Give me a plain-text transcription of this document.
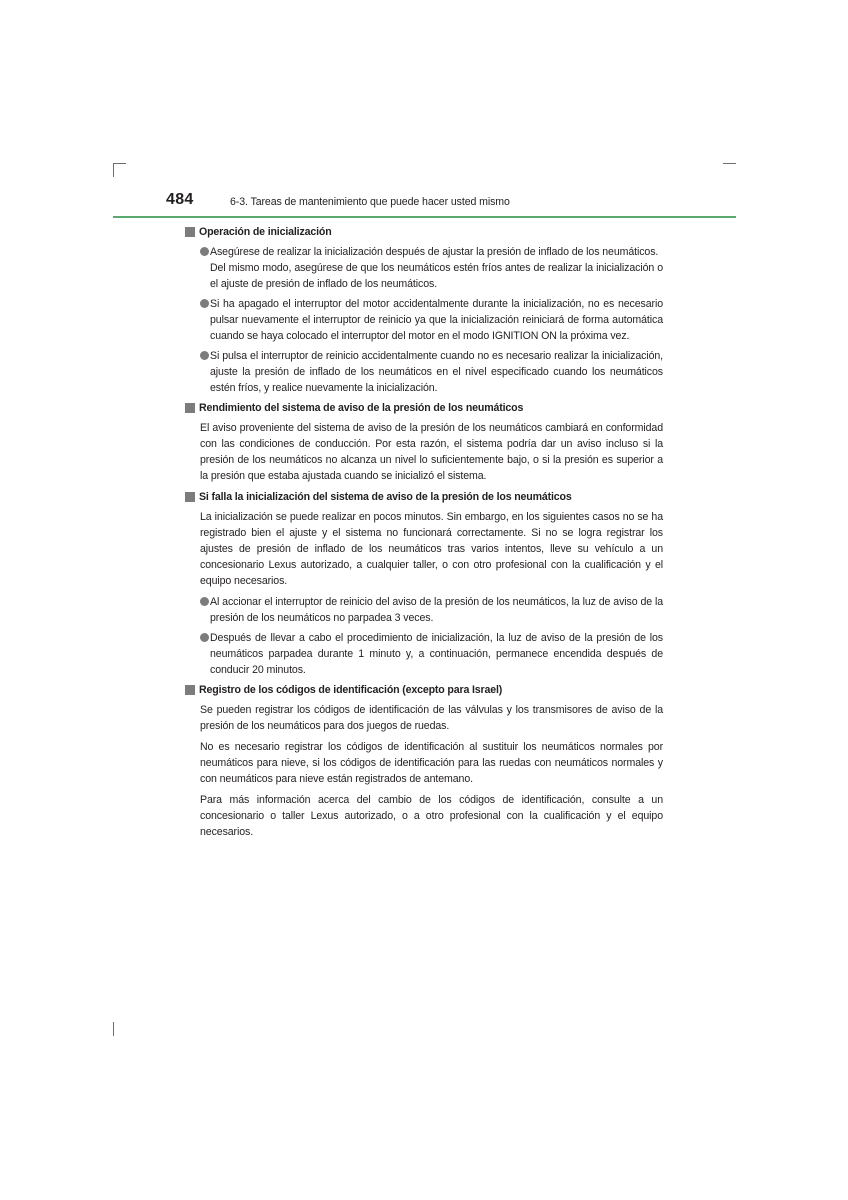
484	6-3. Tareas de mantenimiento que puede hacer usted mismo
Operación de inicialización

Asegúrese de realizar la inicialización después de ajustar la presión de inflado de los neumáticos.

Del mismo modo, asegúrese de que los neumáticos estén fríos antes de realizar la inicialización o el ajuste de presión de inflado de los neumáticos.

Si ha apagado el interruptor del motor accidentalmente durante la inicialización, no es necesario pulsar nuevamente el interruptor de reinicio ya que la inicialización reiniciará de forma automática cuando se haya colocado el interruptor del motor en el modo IGNITION ON la próxima vez.

Si pulsa el interruptor de reinicio accidentalmente cuando no es necesario realizar la inicialización, ajuste la presión de inflado de los neumáticos en el nivel especificado cuando los neumáticos estén fríos, y realice nuevamente la inicialización.

Rendimiento del sistema de aviso de la presión de los neumáticos

El aviso proveniente del sistema de aviso de la presión de los neumáticos cambiará en conformidad con las condiciones de conducción. Por esta razón, el sistema podría dar un aviso incluso si la presión de los neumáticos no alcanza un nivel lo suficientemente bajo, o si la presión es superior a la presión que estaba ajustada cuando se inicializó el sistema.

Si falla la inicialización del sistema de aviso de la presión de los neumáticos

La inicialización se puede realizar en pocos minutos. Sin embargo, en los siguientes casos no se ha registrado bien el ajuste y el sistema no funcionará correctamente. Si no se logra registrar los ajustes de presión de inflado de los neumáticos tras varios intentos, lleve su vehículo a un concesionario Lexus autorizado, a cualquier taller, o con otro profesional con la cualificación y el equipo necesarios.

Al accionar el interruptor de reinicio del aviso de la presión de los neumáticos, la luz de aviso de la presión de los neumáticos no parpadea 3 veces.

Después de llevar a cabo el procedimiento de inicialización, la luz de aviso de la presión de los neumáticos parpadea durante 1 minuto y, a continuación, permanece encendida después de conducir 20 minutos.

Registro de los códigos de identificación (excepto para Israel)

Se pueden registrar los códigos de identificación de las válvulas y los transmisores de aviso de la presión de los neumáticos para dos juegos de ruedas.

No es necesario registrar los códigos de identificación al sustituir los neumáticos normales por neumáticos para nieve, si los códigos de identificación para las ruedas con neumáticos normales y con neumáticos para nieve están registrados de antemano.

Para más información acerca del cambio de los códigos de identificación, consulte a un concesionario o taller Lexus autorizado, o a otro profesional con la cualificación y el equipo necesarios.
